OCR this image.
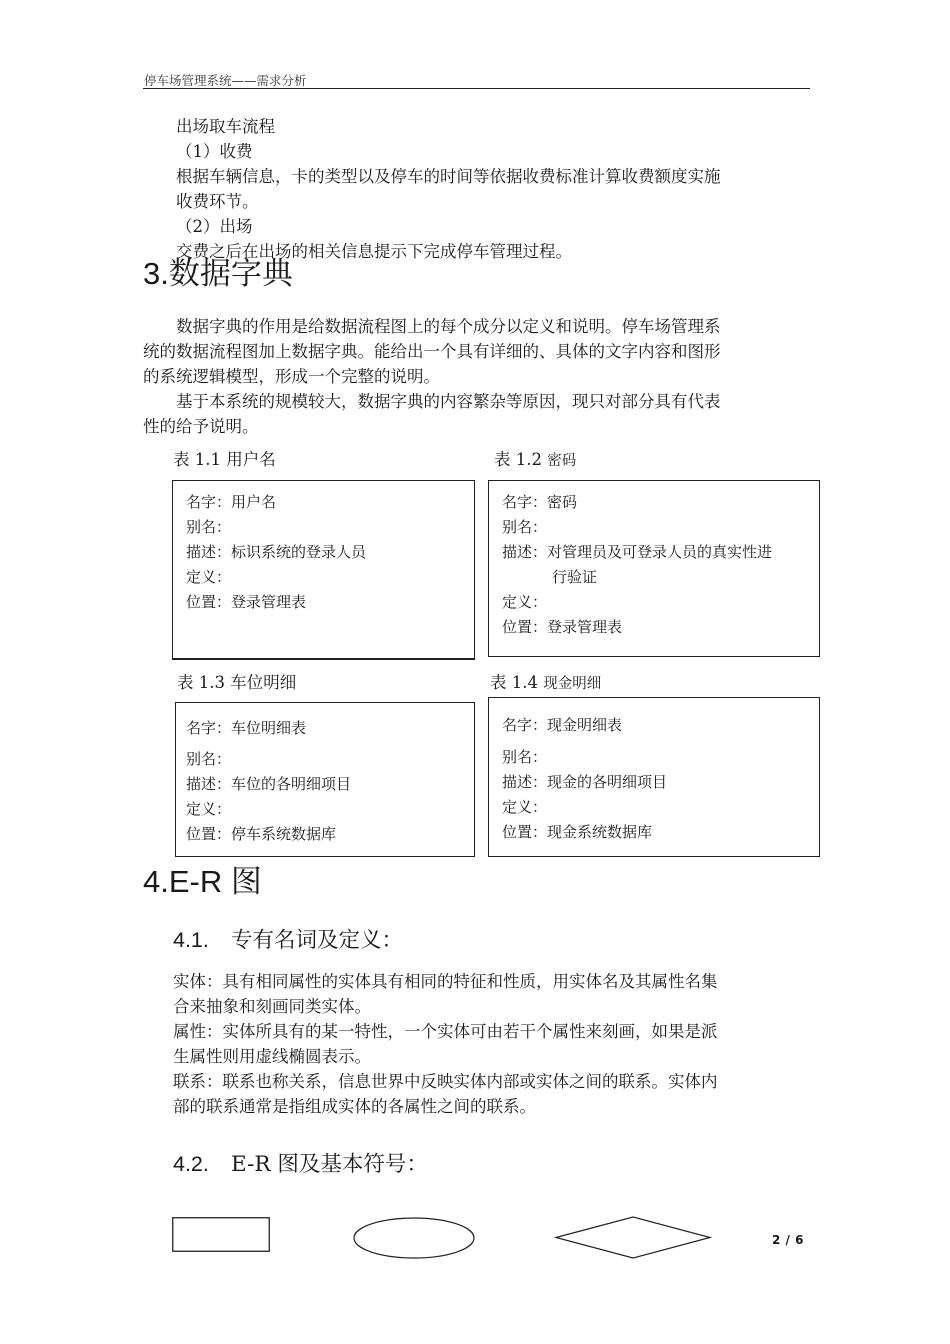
停车场管理系统——需求分析
出场取车流程
（1）收费
根据车辆信息，卡的类型以及停车的时间等依据收费标准计算收费额度实施
收费环节。
（2）出场
交费之后在出场的相关信息提示下完成停车管理过程。
3.数据字典
数据字典的作用是给数据流程图上的每个成分以定义和说明。停车场管理系
统的数据流程图加上数据字典。能给出一个具有详细的、具体的文字内容和图形
的系统逻辑模型，形成一个完整的说明。
基于本系统的规模较大，数据字典的内容繁杂等原因，现只对部分具有代表
性的给予说明。
表 1.1 用户名	表 1.2 密码
名字：用户名
别名：
描述：标识系统的登录人员
定义：
位置：登录管理表
名字：密码
别名：
描述：对管理员及可登录人员的真实性进
行验证
定义：
位置：登录管理表
表 1.3 车位明细	表 1.4 现金明细
名字：车位明细表
别名：
描述：车位的各明细项目
定义：
位置：停车系统数据库
名字：现金明细表
别名：
描述：现金的各明细项目
定义：
位置：现金系统数据库
4.E-R 图
4.1. 专有名词及定义：
实体：具有相同属性的实体具有相同的特征和性质，用实体名及其属性名集
合来抽象和刻画同类实体。
属性：实体所具有的某一特性，一个实体可由若干个属性来刻画，如果是派
生属性则用虚线椭圆表示。
联系：联系也称关系，信息世界中反映实体内部或实体之间的联系。实体内
部的联系通常是指组成实体的各属性之间的联系。
4.2. E-R 图及基本符号：
2 / 6
